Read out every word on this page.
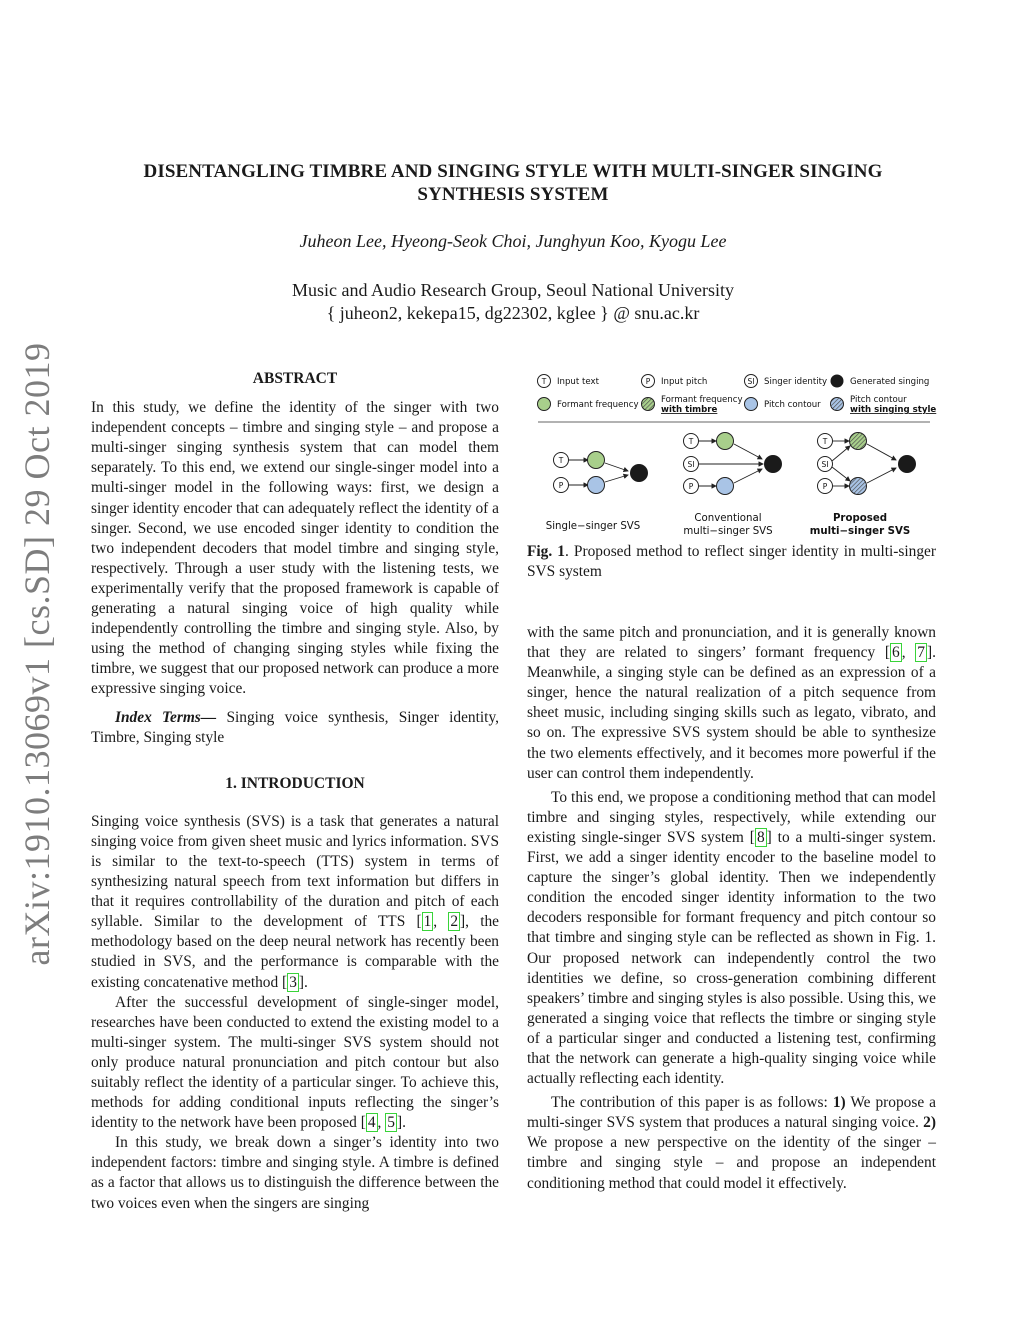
arXiv:1910.13069v1 [cs.SD] 29 Oct 2019
DISENTANGLING TIMBRE AND SINGING STYLE WITH MULTI-SINGER SINGING
SYNTHESIS SYSTEM
Juheon Lee, Hyeong-Seok Choi, Junghyun Koo, Kyogu Lee
Music and Audio Research Group, Seoul National University
{ juheon2, kekepa15, dg22302, kglee } @ snu.ac.kr
ABSTRACT

In this study, we define the identity of the singer with two independent concepts – timbre and singing style – and propose a multi-singer singing synthesis system that can model them separately. To this end, we extend our single-singer model into a multi-singer model in the following ways: first, we design a singer identity encoder that can adequately reflect the identity of a singer. Second, we use encoded singer identity to condition the two independent decoders that model timbre and singing style, respectively. Through a user study with the listening tests, we experimentally verify that the proposed framework is capable of generating a natural singing voice of high quality while independently controlling the timbre and singing style. Also, by using the method of changing singing styles while fixing the timbre, we suggest that our proposed network can produce a more expressive singing voice.

Index Terms— Singing voice synthesis, Singer identity, Timbre, Singing style

1. INTRODUCTION

Singing voice synthesis (SVS) is a task that generates a natural singing voice from given sheet music and lyrics information. SVS is similar to the text-to-speech (TTS) system in terms of synthesizing natural speech from text information but differs in that it requires controllability of the duration and pitch of each syllable. Similar to the development of TTS [ 1 , 2 ], the methodology based on the deep neural network has recently been studied in SVS, and the performance is comparable with the existing concatenative method [ 3 ].

After the successful development of single-singer model, researches have been conducted to extend the existing model to a multi-singer system. The multi-singer SVS system should not only produce natural pronunciation and pitch contour but also suitably reflect the identity of a particular singer. To achieve this, methods for adding conditional inputs reflecting the singer’s identity to the network have been proposed [ 4 , 5 ].

In this study, we break down a singer’s identity into two independent factors: timbre and singing style. A timbre is defined as a factor that allows us to distinguish the difference between the two voices even when the singers are singing

T Input text	P Input pitch	SI Singer identity	Generated singing
Formant frequency	Formant frequency
with timbre	Pitch contour	Pitch contour
with singing style
T
P
Single−singer SVS
T
SI
P
Conventional
multi−singer SVS
T
SI
P
Proposed
multi−singer SVS
Fig. 1. Proposed method to reflect singer identity in multi-singer SVS system

with the same pitch and pronunciation, and it is generally known that they are related to singers’ formant frequency [ 6 , 7 ]. Meanwhile, a singing style can be defined as an expression of a singer, hence the natural realization of a pitch sequence from sheet music, including singing skills such as legato, vibrato, and so on. The expressive SVS system should be able to synthesize the two elements effectively, and it becomes more powerful if the user can control them independently.

To this end, we propose a conditioning method that can model timbre and singing styles, respectively, while extending our existing single-singer SVS system [ 8 ] to a multi-singer system. First, we add a singer identity encoder to the baseline model to capture the singer’s global identity. Then we independently condition the encoded singer identity information to the two decoders responsible for formant frequency and pitch contour so that timbre and singing style can be reflected as shown in Fig. 1. Our proposed network can independently control the two identities we define, so cross-generation combining different speakers’ timbre and singing styles is also possible. Using this, we generated a singing voice that reflects the timbre or singing style of a particular singer and conducted a listening test, confirming that the network can generate a high-quality singing voice while actually reflecting each identity.

The contribution of this paper is as follows: 1) We propose a multi-singer SVS system that produces a natural singing voice. 2) We propose a new perspective on the identity of the singer – timbre and singing style – and propose an independent conditioning method that could model it effectively.
